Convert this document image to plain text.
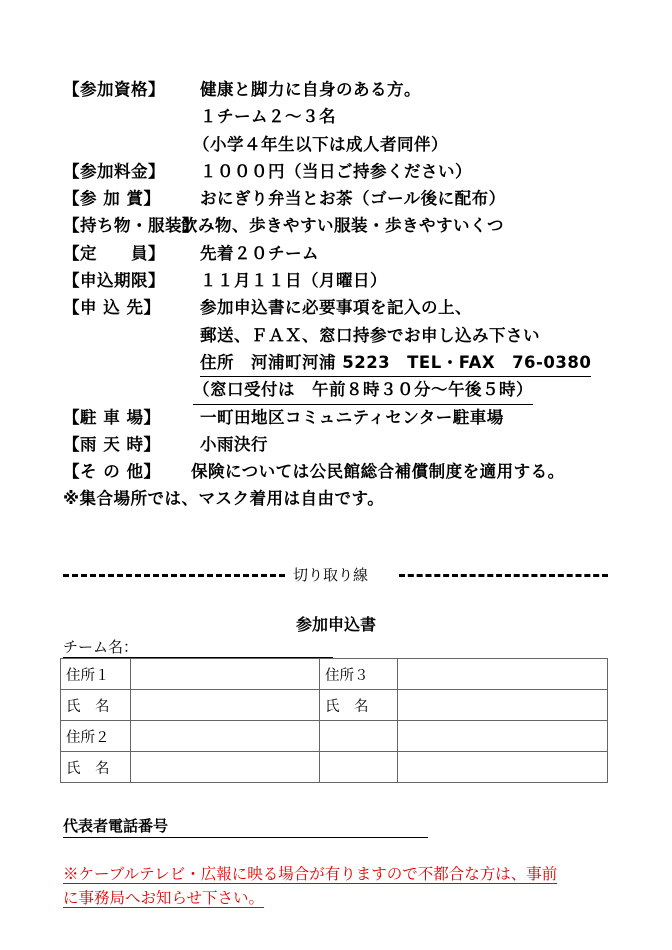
【参加資格】 健康と脚力に自身のある方。
１チーム２～３名
（小学４年生以下は成人者同伴）
【参加料金】 １０００円（当日ご持参ください）
【参 加 賞】 おにぎり弁当とお茶（ゴール後に配布）
【持ち物・服装】
飲み物、歩きやすい服装・歩きやすいくつ
【定　　員】 先着２０チーム
【申込期限】 １１月１１日（月曜日）
【申 込 先】 参加申込書に必要事項を記入の上、
郵送、ＦＡＸ、窓口持参でお申し込み下さい
住所　河浦町河浦 5223　TEL・FAX　76-0380
（窓口受付は　午前８時３０分～午後５時）
【駐 車 場】 一町田地区コミュニティセンター駐車場
【雨 天 時】 小雨決行
【そ の 他】 保険については公民館総合補償制度を適用する。
※集合場所では、マスク着用は自由です。
切り取り線
参加申込書
チーム名：
住所１		住所３	
氏　名		氏　名	
住所２			
氏　名			
代表者電話番号
※ケーブルテレビ・広報に映る場合が有りますので不都合な方は、事前
に事務局へお知らせ下さい。
